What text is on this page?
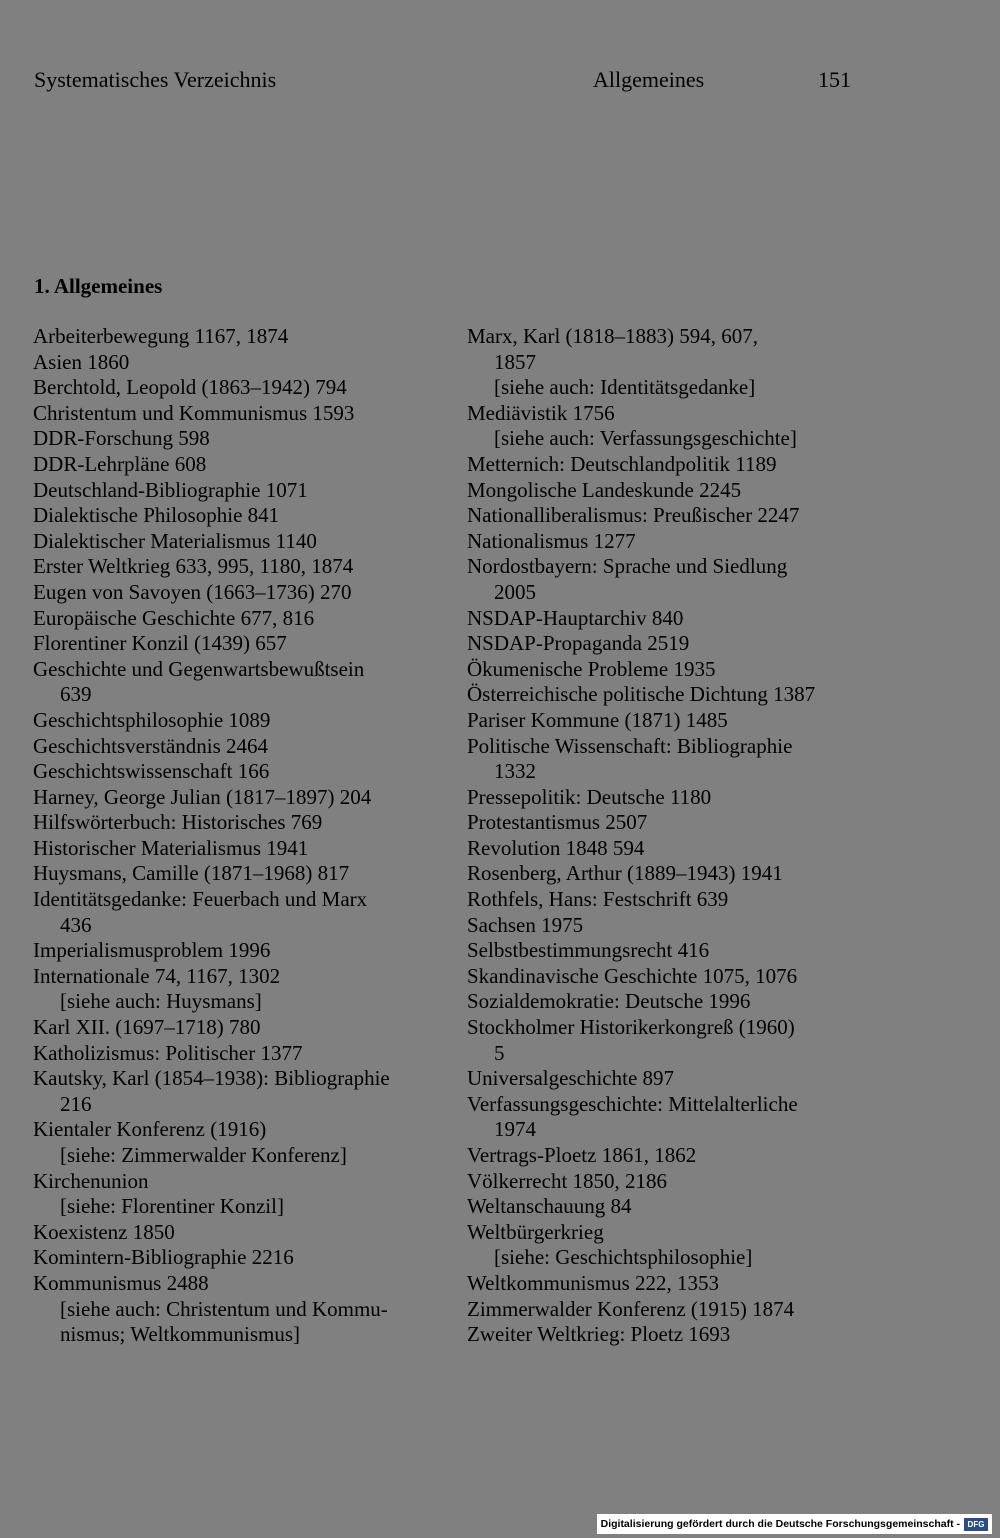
Systematisches Verzeichnis	Allgemeines	151
1. Allgemeines
Arbeiterbewegung 1167, 1874
Asien 1860
Berchtold, Leopold (1863–1942) 794
Christentum und Kommunismus 1593
DDR-Forschung 598
DDR-Lehrpläne 608
Deutschland-Bibliographie 1071
Dialektische Philosophie 841
Dialektischer Materialismus 1140
Erster Weltkrieg 633, 995, 1180, 1874
Eugen von Savoyen (1663–1736) 270
Europäische Geschichte 677, 816
Florentiner Konzil (1439) 657
Geschichte und Gegenwartsbewußtsein
639
Geschichtsphilosophie 1089
Geschichtsverständnis 2464
Geschichtswissenschaft 166
Harney, George Julian (1817–1897) 204
Hilfswörterbuch: Historisches 769
Historischer Materialismus 1941
Huysmans, Camille (1871–1968) 817
Identitätsgedanke: Feuerbach und Marx
436
Imperialismusproblem 1996
Internationale 74, 1167, 1302
[siehe auch: Huysmans]
Karl XII. (1697–1718) 780
Katholizismus: Politischer 1377
Kautsky, Karl (1854–1938): Bibliographie
216
Kientaler Konferenz (1916)
[siehe: Zimmerwalder Konferenz]
Kirchenunion
[siehe: Florentiner Konzil]
Koexistenz 1850
Komintern-Bibliographie 2216
Kommunismus 2488
[siehe auch: Christentum und Kommu-
nismus; Weltkommunismus]
Marx, Karl (1818–1883) 594, 607,
1857
[siehe auch: Identitätsgedanke]
Mediävistik 1756
[siehe auch: Verfassungsgeschichte]
Metternich: Deutschlandpolitik 1189
Mongolische Landeskunde 2245
Nationalliberalismus: Preußischer 2247
Nationalismus 1277
Nordostbayern: Sprache und Siedlung
2005
NSDAP-Hauptarchiv 840
NSDAP-Propaganda 2519
Ökumenische Probleme 1935
Österreichische politische Dichtung 1387
Pariser Kommune (1871) 1485
Politische Wissenschaft: Bibliographie
1332
Pressepolitik: Deutsche 1180
Protestantismus 2507
Revolution 1848 594
Rosenberg, Arthur (1889–1943) 1941
Rothfels, Hans: Festschrift 639
Sachsen 1975
Selbstbestimmungsrecht 416
Skandinavische Geschichte 1075, 1076
Sozialdemokratie: Deutsche 1996
Stockholmer Historikerkongreß (1960)
5
Universalgeschichte 897
Verfassungsgeschichte: Mittelalterliche
1974
Vertrags-Ploetz 1861, 1862
Völkerrecht 1850, 2186
Weltanschauung 84
Weltbürgerkrieg
[siehe: Geschichtsphilosophie]
Weltkommunismus 222, 1353
Zimmerwalder Konferenz (1915) 1874
Zweiter Weltkrieg: Ploetz 1693
Digitalisierung gefördert durch die Deutsche Forschungsgemeinschaft - DFG
